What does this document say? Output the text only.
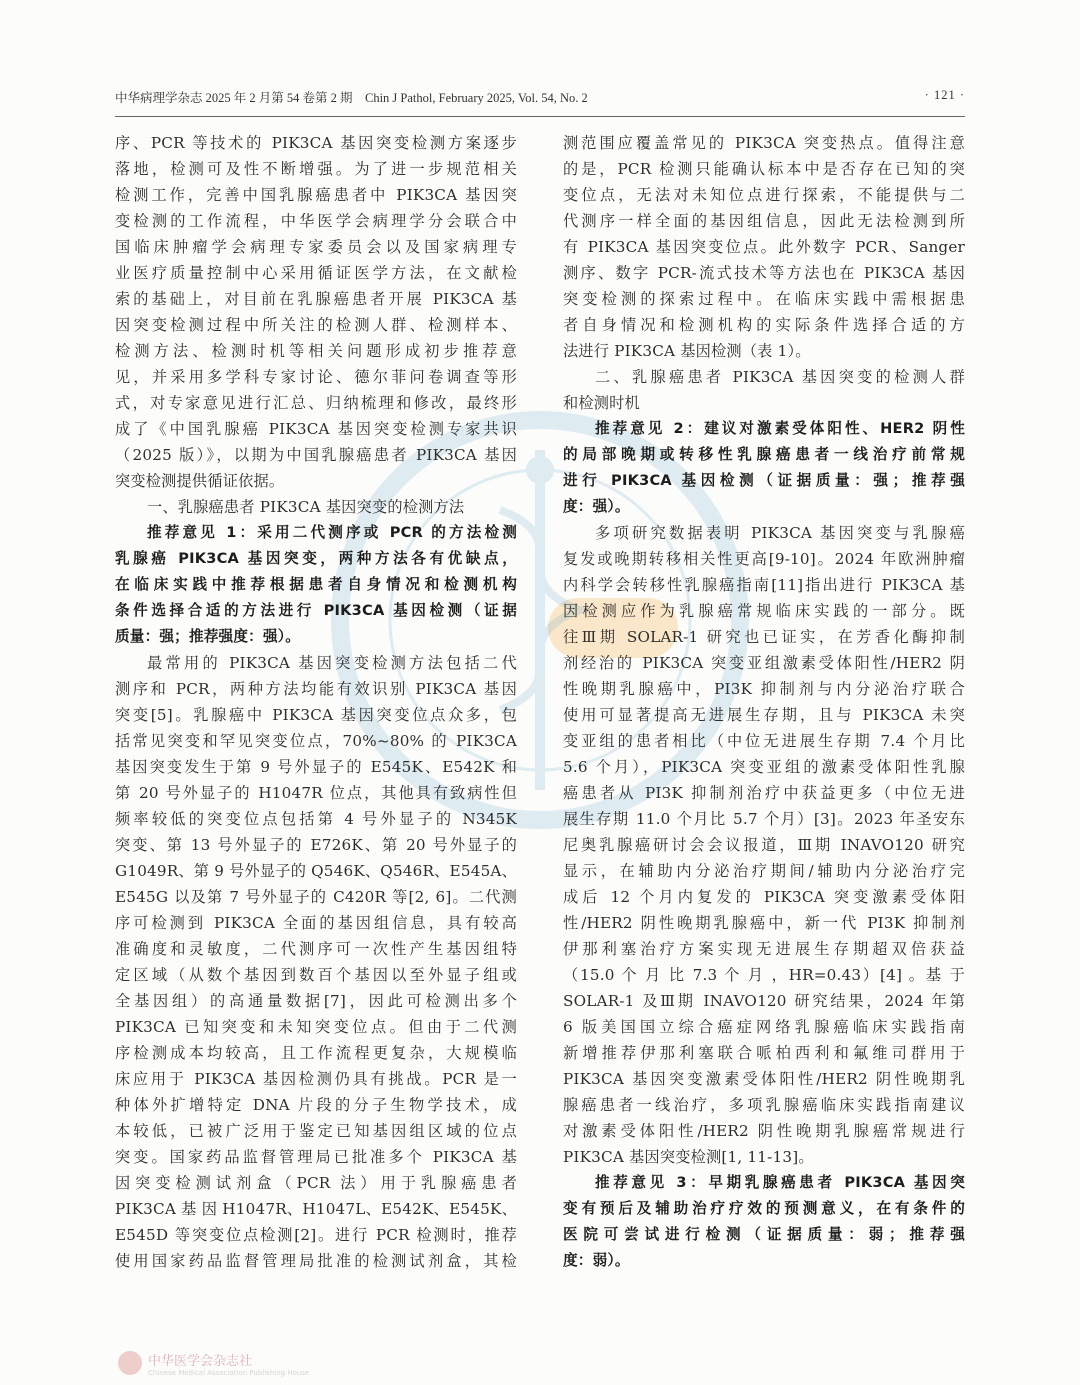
中华病理学杂志 2025 年 2 月第 54 卷第 2 期　Chin J Pathol, February 2025, Vol. 54, No. 2	· 121 ·
序、PCR 等技术的 PIK3CA 基因突变检测方案逐步
落地，检测可及性不断增强。为了进一步规范相关
检测工作，完善中国乳腺癌患者中 PIK3CA 基因突
变检测的工作流程，中华医学会病理学分会联合中
国临床肿瘤学会病理专家委员会以及国家病理专
业医疗质量控制中心采用循证医学方法，在文献检
索的基础上，对目前在乳腺癌患者开展 PIK3CA 基
因突变检测过程中所关注的检测人群、检测样本、
检测方法、检测时机等相关问题形成初步推荐意
见，并采用多学科专家讨论、德尔菲问卷调查等形
式，对专家意见进行汇总、归纳梳理和修改，最终形
成了《中国乳腺癌 PIK3CA 基因突变检测专家共识
（2025 版）》，以期为中国乳腺癌患者 PIK3CA 基因
突变检测提供循证依据。
一、乳腺癌患者 PIK3CA 基因突变的检测方法
推荐意见 1：采用二代测序或 PCR 的方法检测
乳腺癌 PIK3CA 基因突变，两种方法各有优缺点，
在临床实践中推荐根据患者自身情况和检测机构
条件选择合适的方法进行 PIK3CA 基因检测（证据
质量：强；推荐强度：强）。
最常用的 PIK3CA 基因突变检测方法包括二代
测序和 PCR，两种方法均能有效识别 PIK3CA 基因
突变[5]。乳腺癌中 PIK3CA 基因突变位点众多，包
括常见突变和罕见突变位点，70%~80% 的 PIK3CA
基因突变发生于第 9 号外显子的 E545K、E542K 和
第 20 号外显子的 H1047R 位点，其他具有致病性但
频率较低的突变位点包括第 4 号外显子的 N345K
突变、第 13 号外显子的 E726K、第 20 号外显子的
G1049R、第 9 号外显子的 Q546K、Q546R、E545A、
E545G 以及第 7 号外显子的 C420R 等[2, 6]。二代测
序可检测到 PIK3CA 全面的基因组信息，具有较高
准确度和灵敏度，二代测序可一次性产生基因组特
定区域（从数个基因到数百个基因以至外显子组或
全基因组）的高通量数据[7]，因此可检测出多个
PIK3CA 已知突变和未知突变位点。但由于二代测
序检测成本均较高，且工作流程更复杂，大规模临
床应用于 PIK3CA 基因检测仍具有挑战。PCR 是一
种体外扩增特定 DNA 片段的分子生物学技术，成
本较低，已被广泛用于鉴定已知基因组区域的位点
突变。国家药品监督管理局已批准多个 PIK3CA 基
因突变检测试剂盒（PCR 法）用于乳腺癌患者
PIK3CA 基 因 H1047R、H1047L、E542K、E545K、
E545D 等突变位点检测[2]。进行 PCR 检测时，推荐
使用国家药品监督管理局批准的检测试剂盒，其检
测范围应覆盖常见的 PIK3CA 突变热点。值得注意
的是，PCR 检测只能确认标本中是否存在已知的突
变位点，无法对未知位点进行探索，不能提供与二
代测序一样全面的基因组信息，因此无法检测到所
有 PIK3CA 基因突变位点。此外数字 PCR、Sanger
测序、数字 PCR-流式技术等方法也在 PIK3CA 基因
突变检测的探索过程中。在临床实践中需根据患
者自身情况和检测机构的实际条件选择合适的方
法进行 PIK3CA 基因检测（表 1）。
二、乳腺癌患者 PIK3CA 基因突变的检测人群
和检测时机
推荐意见 2：建议对激素受体阳性、HER2 阴性
的局部晚期或转移性乳腺癌患者一线治疗前常规
进行 PIK3CA 基因检测（证据质量：强；推荐强
度：强）。
多项研究数据表明 PIK3CA 基因突变与乳腺癌
复发或晚期转移相关性更高[9-10]。2024 年欧洲肿瘤
内科学会转移性乳腺癌指南[11]指出进行 PIK3CA 基
因检测应作为乳腺癌常规临床实践的一部分。既
往Ⅲ期 SOLAR-1 研究也已证实，在芳香化酶抑制
剂经治的 PIK3CA 突变亚组激素受体阳性/HER2 阴
性晚期乳腺癌中，PI3K 抑制剂与内分泌治疗联合
使用可显著提高无进展生存期，且与 PIK3CA 未突
变亚组的患者相比（中位无进展生存期 7.4 个月比
5.6 个月），PIK3CA 突变亚组的激素受体阳性乳腺
癌患者从 PI3K 抑制剂治疗中获益更多（中位无进
展生存期 11.0 个月比 5.7 个月）[3]。2023 年圣安东
尼奥乳腺癌研讨会会议报道，Ⅲ期 INAVO120 研究
显示，在辅助内分泌治疗期间/辅助内分泌治疗完
成后 12 个月内复发的 PIK3CA 突变激素受体阳
性/HER2 阴性晚期乳腺癌中，新一代 PI3K 抑制剂
伊那利塞治疗方案实现无进展生存期超双倍获益
（15.0 个 月 比 7.3 个 月 ，HR=0.43）[4] 。基 于
SOLAR-1 及Ⅲ期 INAVO120 研究结果，2024 年第
6 版美国国立综合癌症网络乳腺癌临床实践指南
新增推荐伊那利塞联合哌柏西利和氟维司群用于
PIK3CA 基因突变激素受体阳性/HER2 阴性晚期乳
腺癌患者一线治疗，多项乳腺癌临床实践指南建议
对激素受体阳性/HER2 阴性晚期乳腺癌常规进行
PIK3CA 基因突变检测[1, 11-13]。
推荐意见 3：早期乳腺癌患者 PIK3CA 基因突
变有预后及辅助治疗疗效的预测意义，在有条件的
医院可尝试进行检测（证据质量：弱；推荐强
度：弱）。
中华医学会杂志社
Chinese Medical Association Publishing House
